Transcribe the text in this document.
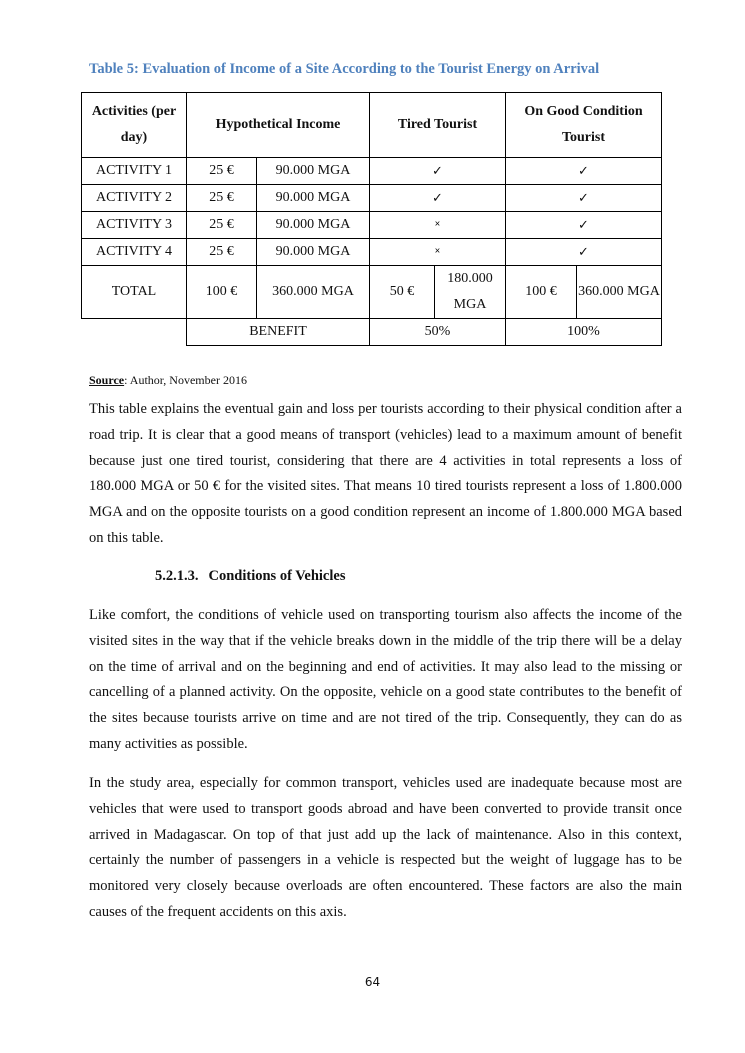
Table 5: Evaluation of Income of a Site According to the Tourist Energy on Arrival
Activities (per day)	Hypothetical Income		Tired Tourist		On Good Condition Tourist	
ACTIVITY 1	25 €	90.000 MGA	✓		✓	
ACTIVITY 2	25 €	90.000 MGA	✓		✓	
ACTIVITY 3	25 €	90.000 MGA	×		✓	
ACTIVITY 4	25 €	90.000 MGA	×		✓	
TOTAL	100 €	360.000 MGA	50 €	180.000 MGA	100 €	360.000 MGA
	BENEFIT		50%		100%	
Source: Author, November 2016

This table explains the eventual gain and loss per tourists according to their physical condition after a road trip. It is clear that a good means of transport (vehicles) lead to a maximum amount of benefit because just one tired tourist, considering that there are 4 activities in total represents a loss of 180.000 MGA or 50 € for the visited sites. That means 10 tired tourists represent a loss of 1.800.000 MGA and on the opposite tourists on a good condition represent an income of 1.800.000 MGA based on this table.

5.2.1.3. Conditions of Vehicles

Like comfort, the conditions of vehicle used on transporting tourism also affects the income of the visited sites in the way that if the vehicle breaks down in the middle of the trip there will be a delay on the time of arrival and on the beginning and end of activities. It may also lead to the missing or cancelling of a planned activity. On the opposite, vehicle on a good state contributes to the benefit of the sites because tourists arrive on time and are not tired of the trip. Consequently, they can do as many activities as possible.

In the study area, especially for common transport, vehicles used are inadequate because most are vehicles that were used to transport goods abroad and have been converted to provide transit once arrived in Madagascar. On top of that just add up the lack of maintenance. Also in this context, certainly the number of passengers in a vehicle is respected but the weight of luggage has to be monitored very closely because overloads are often encountered. These factors are also the main causes of the frequent accidents on this axis.

64
